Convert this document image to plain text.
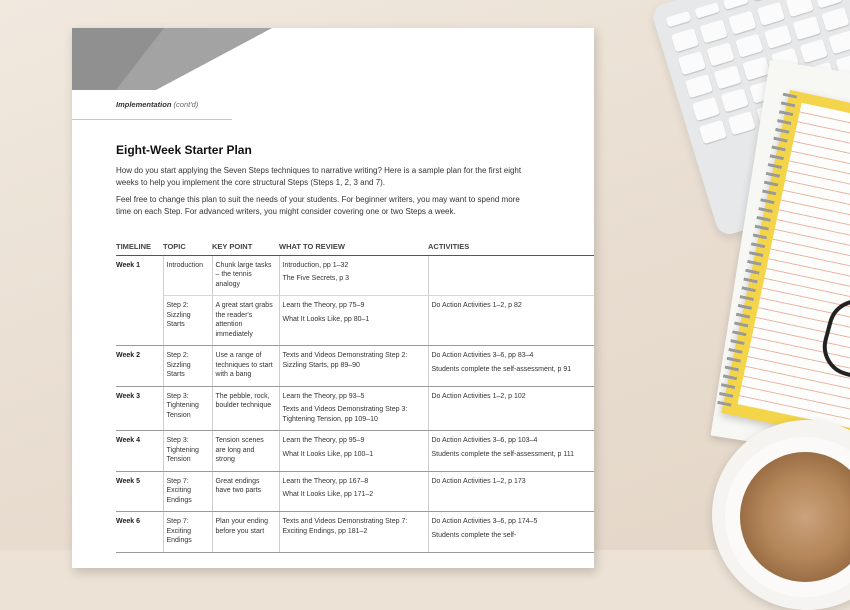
Implementation (cont'd)
Eight-Week Starter Plan

How do you start applying the Seven Steps techniques to narrative writing? Here is a sample plan for the first eight weeks to help you implement the core structural Steps (Steps 1, 2, 3 and 7).

Feel free to change this plan to suit the needs of your students. For beginner writers, you may want to spend more time on each Step. For advanced writers, you might consider covering one or two Steps a week.

TIMELINE	TOPIC	KEY POINT	WHAT TO REVIEW	ACTIVITIES
Week 1	Introduction	Chunk large tasks – the tennis analogy	Introduction, pp 1–32
The Five Secrets, p 3	

	Step 2: Sizzling Starts	A great start grabs the reader's attention immediately	Learn the Theory, pp 75–9
What It Looks Like, pp 80–1	Do Action Activities 1–2, p 82

Week 2	Step 2: Sizzling Starts	Use a range of techniques to start with a bang	Texts and Videos Demonstrating Step 2: Sizzling Starts, pp 89–90	Do Action Activities 3–6, pp 83–4
Students complete the self-assessment, p 91

Week 3	Step 3: Tightening Tension	The pebble, rock, boulder technique	Learn the Theory, pp 93–5
Texts and Videos Demonstrating Step 3: Tightening Tension, pp 109–10	Do Action Activities 1–2, p 102

Week 4	Step 3: Tightening Tension	Tension scenes are long and strong	Learn the Theory, pp 95–9
What It Looks Like, pp 100–1	Do Action Activities 3–6, pp 103–4
Students complete the self-assessment, p 111

Week 5	Step 7: Exciting Endings	Great endings have two parts	Learn the Theory, pp 167–8
What It Looks Like, pp 171–2	Do Action Activities 1–2, p 173

Week 6	Step 7: Exciting Endings	Plan your ending before you start	Texts and Videos Demonstrating Step 7: Exciting Endings, pp 181–2	Do Action Activities 3–6, pp 174–5
Students complete the self-
